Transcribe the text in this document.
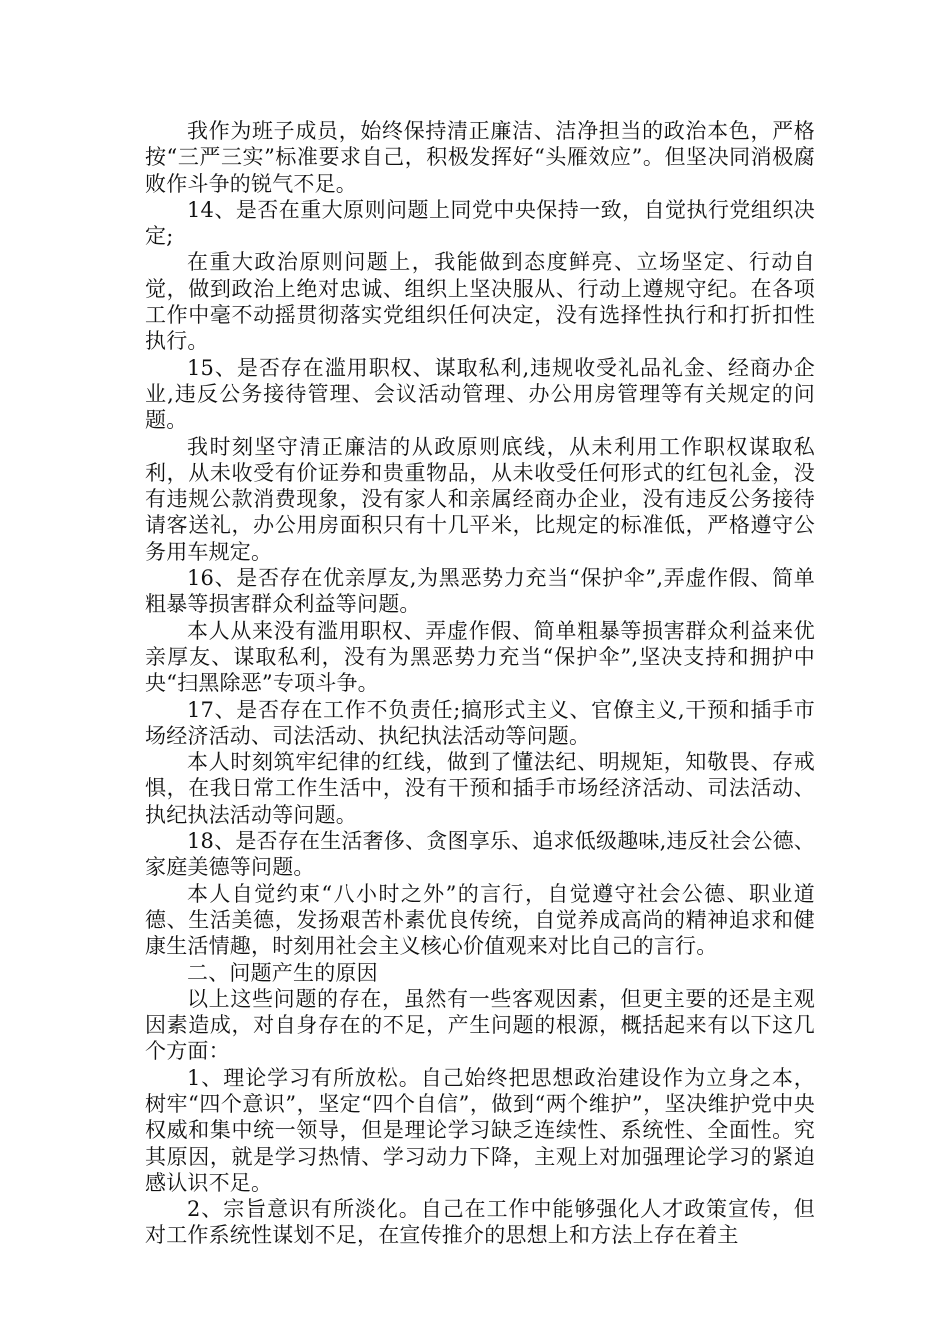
我作为班子成员，始终保持清正廉洁、洁净担当的政治本色，严格按“三严三实”标准要求自己，积极发挥好“头雁效应”。但坚决同消极腐败作斗争的锐气不足。

14、是否在重大原则问题上同党中央保持一致，自觉执行党组织决定;

在重大政治原则问题上，我能做到态度鲜亮、立场坚定、行动自觉，做到政治上绝对忠诚、组织上坚决服从、行动上遵规守纪。在各项工作中毫不动摇贯彻落实党组织任何决定，没有选择性执行和打折扣性执行。

15、是否存在滥用职权、谋取私利,违规收受礼品礼金、经商办企业,违反公务接待管理、会议活动管理、办公用房管理等有关规定的问题。

我时刻坚守清正廉洁的从政原则底线，从未利用工作职权谋取私利，从未收受有价证券和贵重物品，从未收受任何形式的红包礼金，没有违规公款消费现象，没有家人和亲属经商办企业，没有违反公务接待请客送礼，办公用房面积只有十几平米，比规定的标准低，严格遵守公务用车规定。

16、是否存在优亲厚友,为黑恶势力充当“保护伞”,弄虚作假、简单粗暴等损害群众利益等问题。

本人从来没有滥用职权、弄虚作假、简单粗暴等损害群众利益来优亲厚友、谋取私利，没有为黑恶势力充当“保护伞”,坚决支持和拥护中央“扫黑除恶”专项斗争。

17、是否存在工作不负责任;搞形式主义、官僚主义,干预和插手市场经济活动、司法活动、执纪执法活动等问题。

本人时刻筑牢纪律的红线，做到了懂法纪、明规矩，知敬畏、存戒惧，在我日常工作生活中，没有干预和插手市场经济活动、司法活动、执纪执法活动等问题。

18、是否存在生活奢侈、贪图享乐、追求低级趣味,违反社会公德、家庭美德等问题。

本人自觉约束“八小时之外”的言行，自觉遵守社会公德、职业道德、生活美德，发扬艰苦朴素优良传统，自觉养成高尚的精神追求和健康生活情趣，时刻用社会主义核心价值观来对比自己的言行。

二、问题产生的原因

以上这些问题的存在，虽然有一些客观因素，但更主要的还是主观因素造成，对自身存在的不足，产生问题的根源，概括起来有以下这几个方面：

1、理论学习有所放松。自己始终把思想政治建设作为立身之本，树牢“四个意识”，坚定“四个自信”，做到“两个维护”，坚决维护党中央权威和集中统一领导，但是理论学习缺乏连续性、系统性、全面性。究其原因，就是学习热情、学习动力下降，主观上对加强理论学习的紧迫感认识不足。

2、宗旨意识有所淡化。自己在工作中能够强化人才政策宣传，但对工作系统性谋划不足，在宣传推介的思想上和方法上存在着主
